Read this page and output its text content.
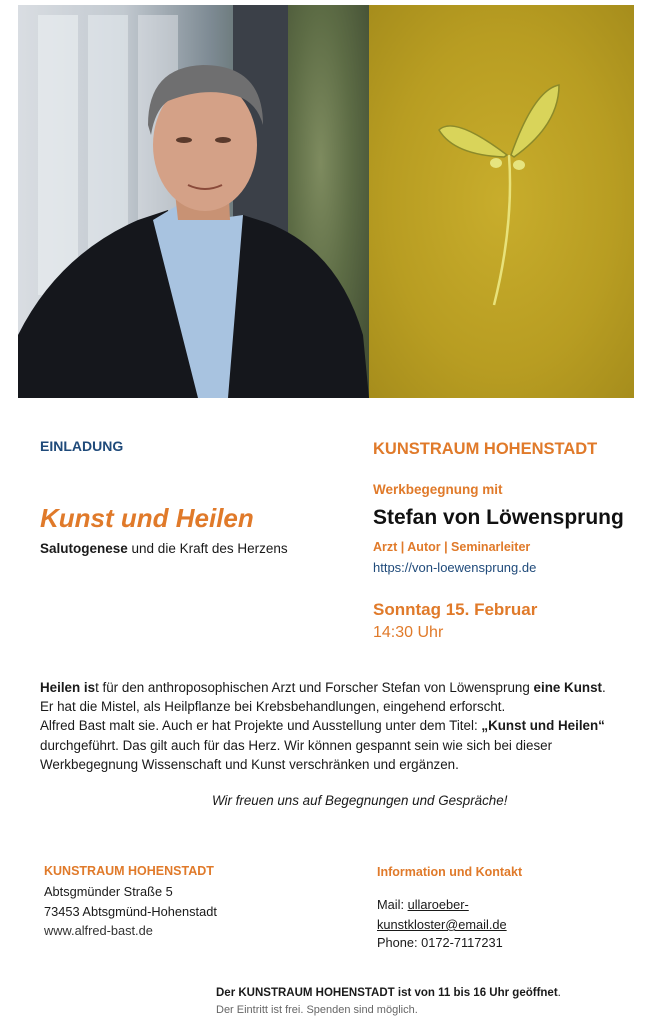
EINLADUNG
Kunst und Heilen
Salutogenese und die Kraft des Herzens
KUNSTRAUM HOHENSTADT
Werkbegegnung mit
Stefan von Löwensprung
Arzt | Autor | Seminarleiter
https://von-loewensprung.de
Sonntag 15. Februar
14:30 Uhr

Heilen ist für den anthroposophischen Arzt und Forscher Stefan von Löwensprung eine Kunst.

Er hat die Mistel, als Heilpflanze bei Krebsbehandlungen, eingehend erforscht.

Alfred Bast malt sie. Auch er hat Projekte und Ausstellung unter dem Titel: „Kunst und Heilen“

durchgeführt. Das gilt auch für das Herz. Wir können gespannt sein wie sich bei dieser

Werkbegegnung Wissenschaft und Kunst verschränken und ergänzen.

Wir freuen uns auf Begegnungen und Gespräche!
KUNSTRAUM HOHENSTADT
Abtsgmünder Straße 5
73453 Abtsgmünd-Hohenstadt
www.alfred-bast.de
Information und Kontakt
Mail: ullaroeber-
kunstkloster@email.de
Phone: 0172-7117231
Der KUNSTRAUM HOHENSTADT ist von 11 bis 16 Uhr geöffnet.
Der Eintritt ist frei. Spenden sind möglich.
